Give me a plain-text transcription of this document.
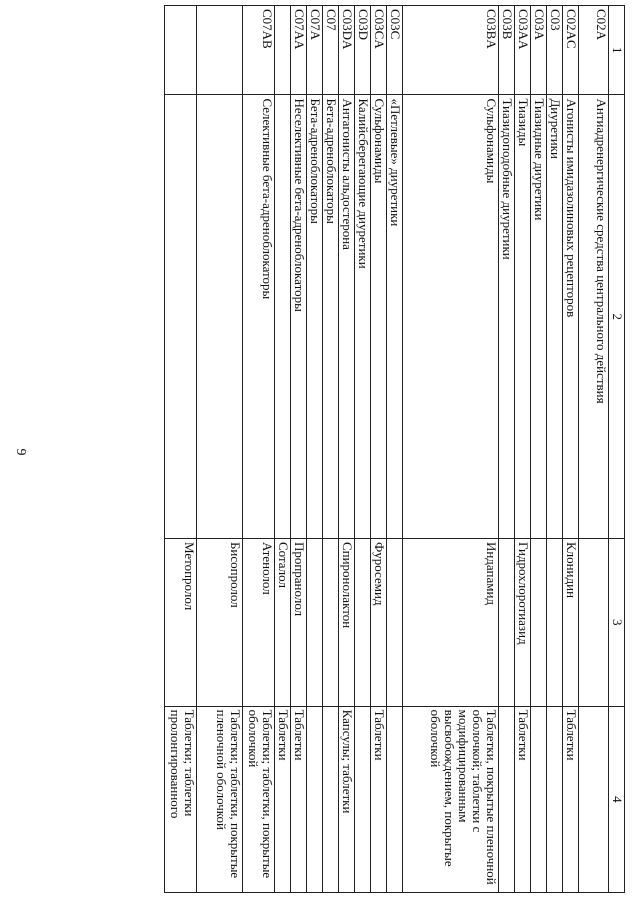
9
1	2	3	4
C02A	Антиадренергические средства центрального действия		
C02AC	Агонисты имидазолиновых рецепторов	Клонидин	Таблетки
C03	Диуретики		
C03A	Тиазидные диуретики		
C03AA	Тиазиды	Гидрохлоротиазид	Таблетки
C03B	Тиазидоподобные диуретики		
C03BA	Сульфонамиды	Индапамид	Таблетки, покрытые пленочной оболочкой; таблетки с модифицированным высвобождением, покрытые оболочкой
C03C	«Петлевые» диуретики		
C03CA	Сульфонамиды	Фуросемид	Таблетки
C03D	Калийсберегающие диуретики		
C03DA	Антагонисты альдостерона	Спиронолактон	Капсулы; таблетки
C07	Бета-адреноблокаторы		
C07A	Бета-адреноблокаторы		
C07AA	Неселективные бета-адреноблокаторы	Пропранолол	Таблетки
		Соталол	Таблетки
C07AB	Селективные бета-адреноблокаторы	Атенолол	Таблетки; таблетки, покрытые оболочкой
		Бисопролол	Таблетки; таблетки, покрытые пленочной оболочкой
		Метопролол	Таблетки; таблетки пролонгированного
